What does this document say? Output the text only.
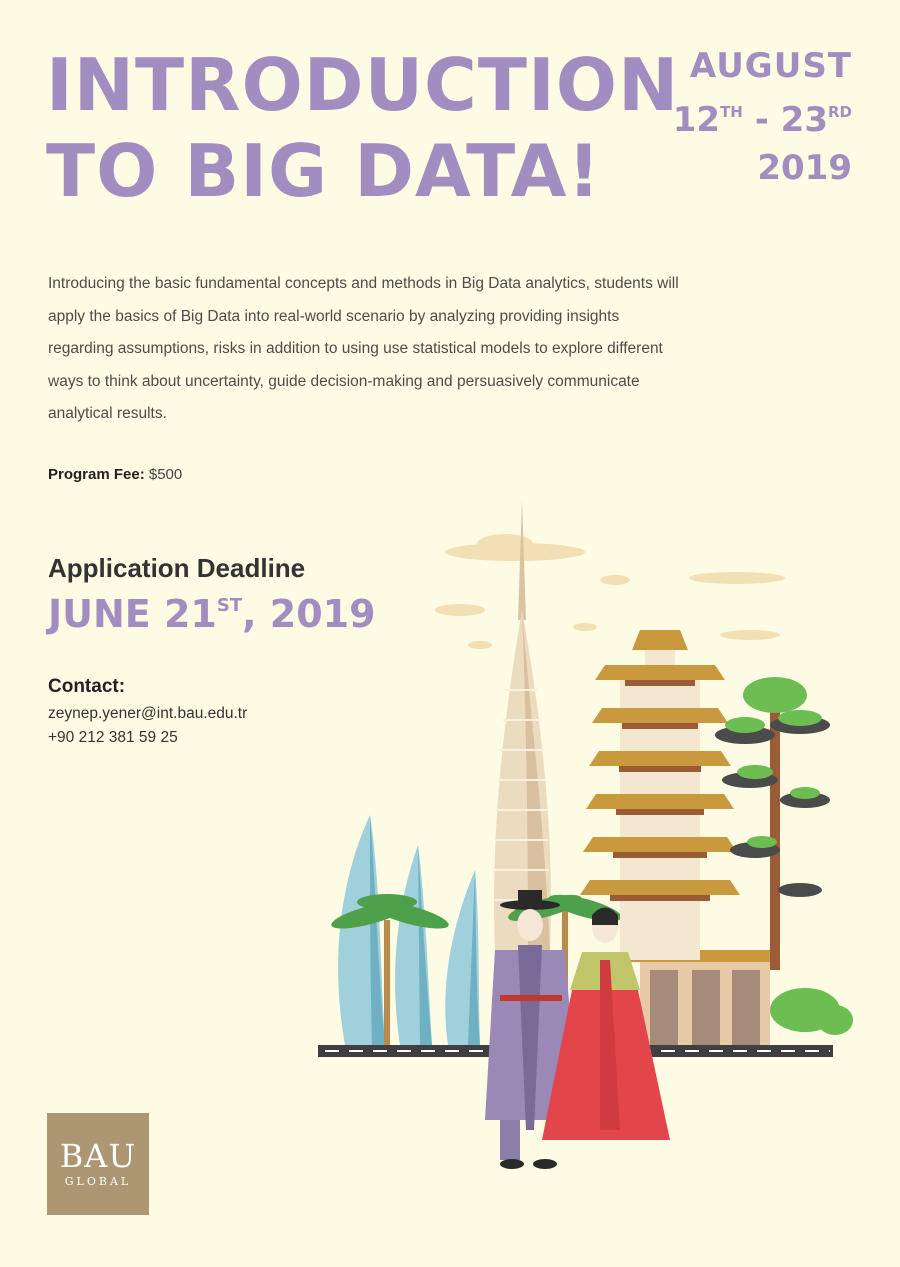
INTRODUCTION
TO BIG DATA!
AUGUST
12TH - 23RD
2019

Introducing the basic fundamental concepts and methods in Big Data analytics, students will apply the basics of Big Data into real-world scenario by analyzing providing insights regarding assumptions, risks in addition to using use statistical models to explore different ways to think about uncertainty, guide decision-making and persuasively communicate analytical results.

Program Fee: $500
Application Deadline
JUNE 21ST, 2019
Contact:
zeynep.yener@int.bau.edu.tr
+90 212 381 59 25
BAU
GLOBAL
